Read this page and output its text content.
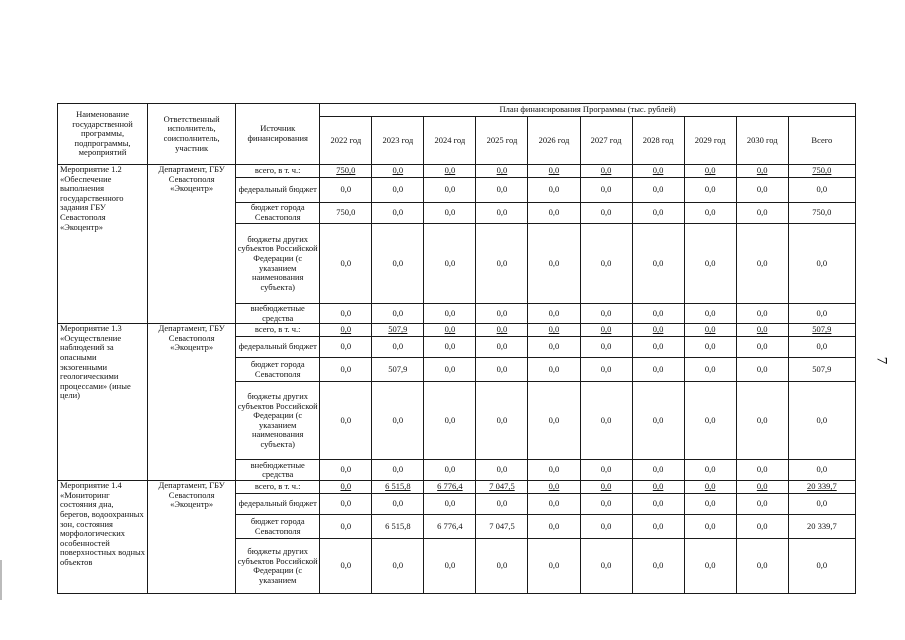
7
Наименование государственной программы, подпрограммы, мероприятий	Ответственный исполнитель, соисполнитель, участник	Источник финансирования	План финансирования Программы (тыс. рублей)									
			2022 год	2023 год	2024 год	2025 год	2026 год	2027 год	2028 год	2029 год	2030 год	Всего
Мероприятие 1.2 «Обеспечение выполнения государственного задания ГБУ Севастополя «Экоцентр»	Департамент, ГБУ Севастополя «Экоцентр»	всего, в т. ч.:	750,0	0,0	0,0	0,0	0,0	0,0	0,0	0,0	0,0	750,0
		федеральный бюджет	0,0	0,0	0,0	0,0	0,0	0,0	0,0	0,0	0,0	0,0
		бюджет города Севастополя	750,0	0,0	0,0	0,0	0,0	0,0	0,0	0,0	0,0	750,0
		бюджеты других субъектов Российской Федерации (с указанием наименования субъекта)	0,0	0,0	0,0	0,0	0,0	0,0	0,0	0,0	0,0	0,0
		внебюджетные средства	0,0	0,0	0,0	0,0	0,0	0,0	0,0	0,0	0,0	0,0
Мероприятие 1.3 «Осуществление наблюдений за опасными экзогенными геологическими процессами» (иные цели)	Департамент, ГБУ Севастополя «Экоцентр»	всего, в т. ч.:	0,0	507,9	0,0	0,0	0,0	0,0	0,0	0,0	0,0	507,9
		федеральный бюджет	0,0	0,0	0,0	0,0	0,0	0,0	0,0	0,0	0,0	0,0
		бюджет города Севастополя	0,0	507,9	0,0	0,0	0,0	0,0	0,0	0,0	0,0	507,9
		бюджеты других субъектов Российской Федерации (с указанием наименования субъекта)	0,0	0,0	0,0	0,0	0,0	0,0	0,0	0,0	0,0	0,0
		внебюджетные средства	0,0	0,0	0,0	0,0	0,0	0,0	0,0	0,0	0,0	0,0
Мероприятие 1.4 «Мониторинг состояния дна, берегов, водоохранных зон, состояния морфологических особенностей поверхностных водных объектов	Департамент, ГБУ Севастополя «Экоцентр»	всего, в т. ч.:	0,0	6 515,8	6 776,4	7 047,5	0,0	0,0	0,0	0,0	0,0	20 339,7
		федеральный бюджет	0,0	0,0	0,0	0,0	0,0	0,0	0,0	0,0	0,0	0,0
		бюджет города Севастополя	0,0	6 515,8	6 776,4	7 047,5	0,0	0,0	0,0	0,0	0,0	20 339,7
		бюджеты других субъектов Российской Федерации (с указанием	0,0	0,0	0,0	0,0	0,0	0,0	0,0	0,0	0,0	0,0
